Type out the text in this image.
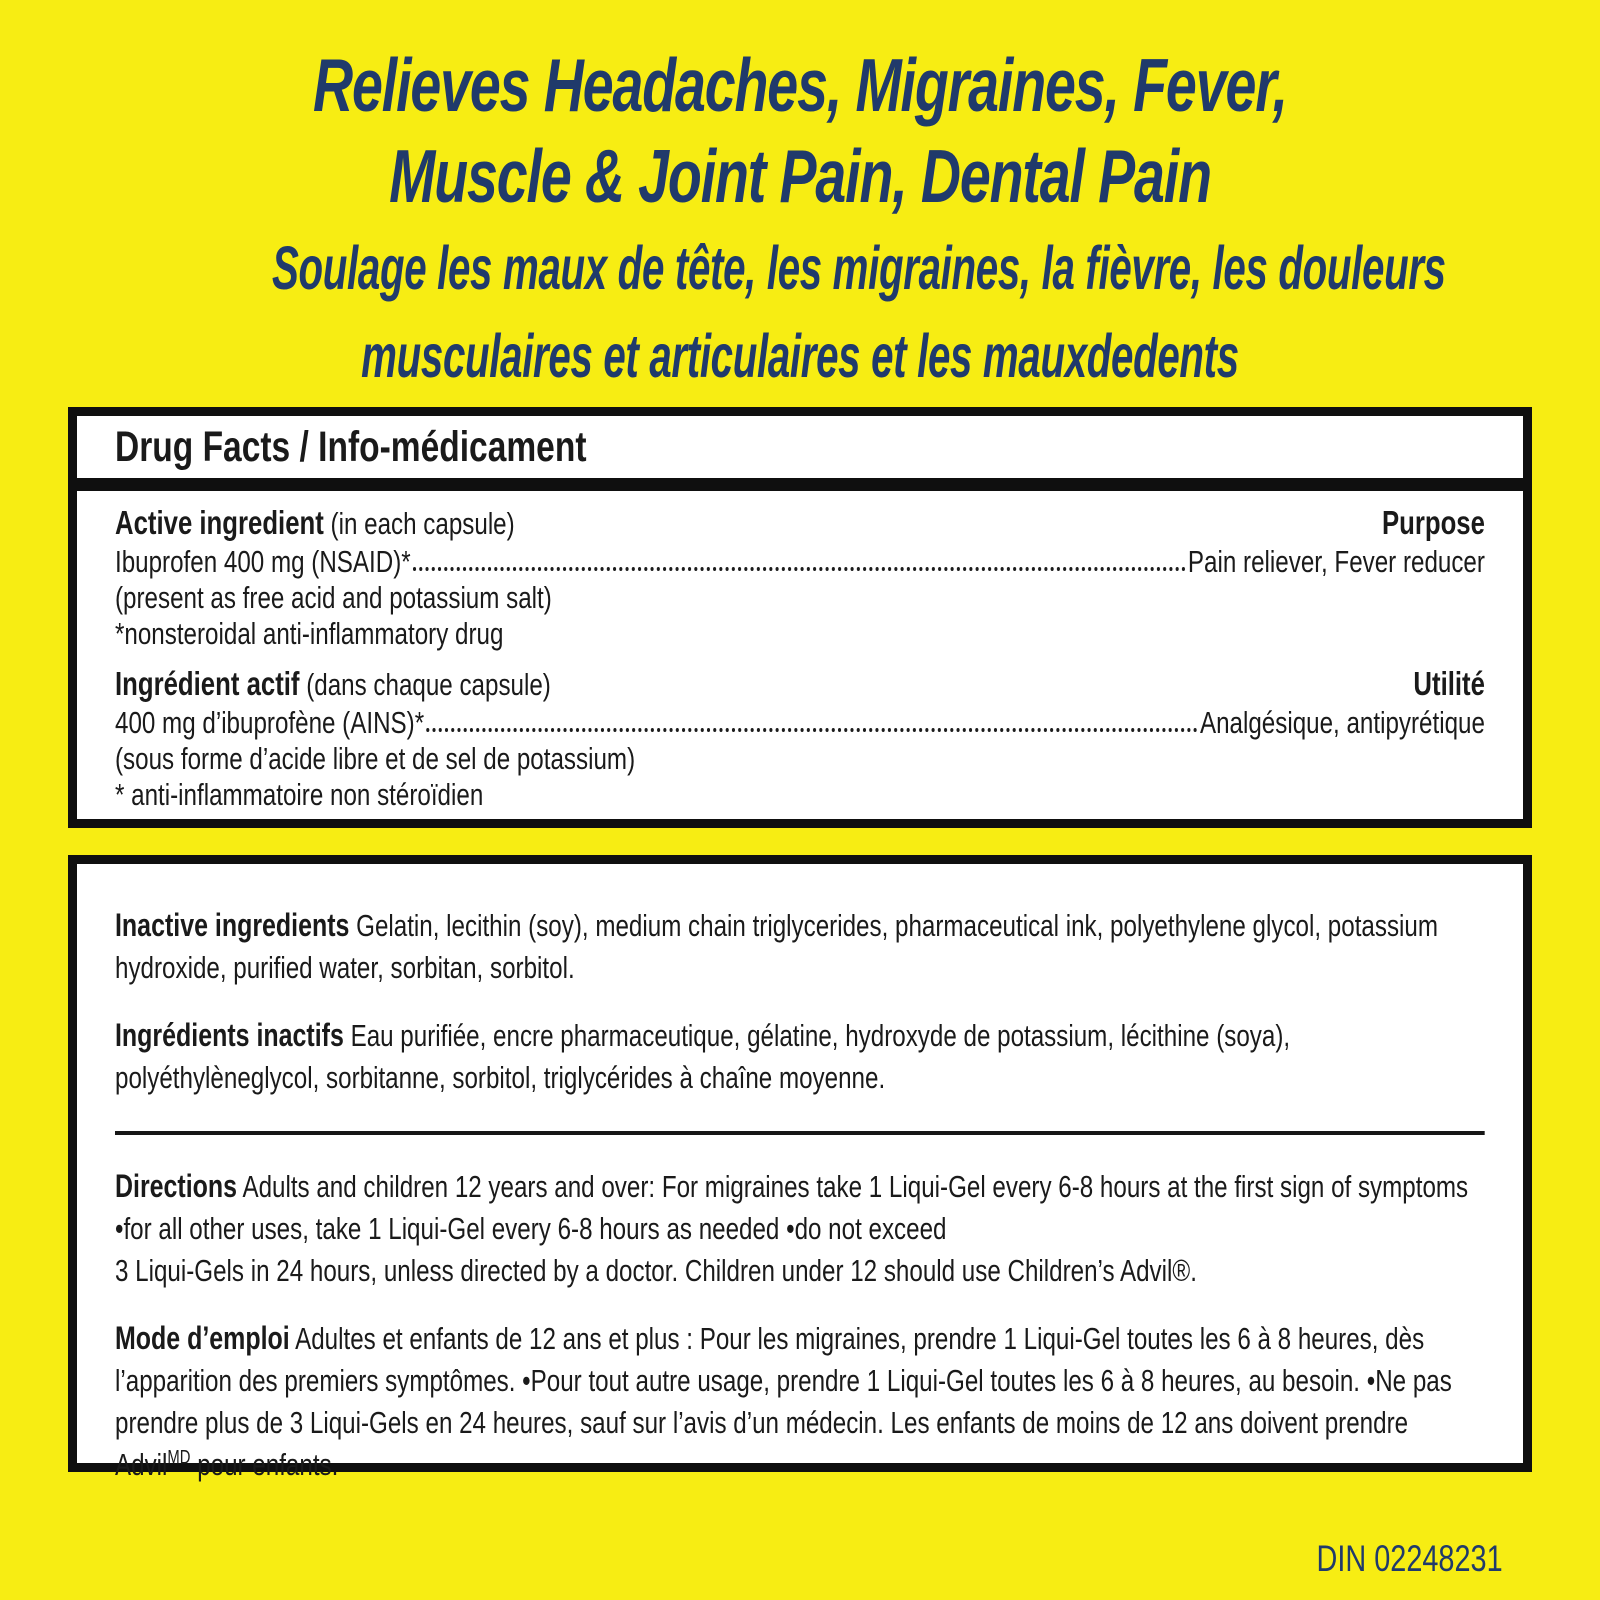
Relieves Headaches, Migraines, Fever,
Muscle & Joint Pain, Dental Pain
Soulage les maux de tête, les migraines, la fièvre, les douleurs
musculaires et articulaires et les mauxdedents
Drug Facts / Info-médicament
Active ingredient (in each capsule)	Purpose
Ibuprofen 400 mg (NSAID)*	Pain reliever, Fever reducer
(present as free acid and potassium salt)
*nonsteroidal anti-inflammatory drug
Ingrédient actif (dans chaque capsule)	Utilité
400 mg d’ibuprofène (AINS)*	Analgésique, antipyrétique
(sous forme d’acide libre et de sel de potassium)
* anti-inflammatoire non stéroïdien

Inactive ingredients Gelatin, lecithin (soy), medium chain triglycerides, pharmaceutical ink, polyethylene glycol, potassium hydroxide, purified water, sorbitan, sorbitol.

Ingrédients inactifs Eau purifiée, encre pharmaceutique, gélatine, hydroxyde de potassium, lécithine (soya), polyéthylèneglycol, sorbitanne, sorbitol, triglycérides à chaîne moyenne.

Directions Adults and children 12 years and over: For migraines take 1 Liqui-Gel every 6-8 hours at the first sign of symptoms •for all other uses, take 1 Liqui-Gel every 6-8 hours as needed •do not exceed
3 Liqui-Gels in 24 hours, unless directed by a doctor. Children under 12 should use Children’s Advil®.

Mode d’emploi Adultes et enfants de 12 ans et plus : Pour les migraines, prendre 1 Liqui-Gel toutes les 6 à 8 heures, dès l’apparition des premiers symptômes. •Pour tout autre usage, prendre 1 Liqui-Gel toutes les 6 à 8 heures, au besoin. •Ne pas prendre plus de 3 Liqui-Gels en 24 heures, sauf sur l’avis d’un médecin. Les enfants de moins de 12 ans doivent prendre Advil$^{MD}$ pour enfants.

DIN 02248231
